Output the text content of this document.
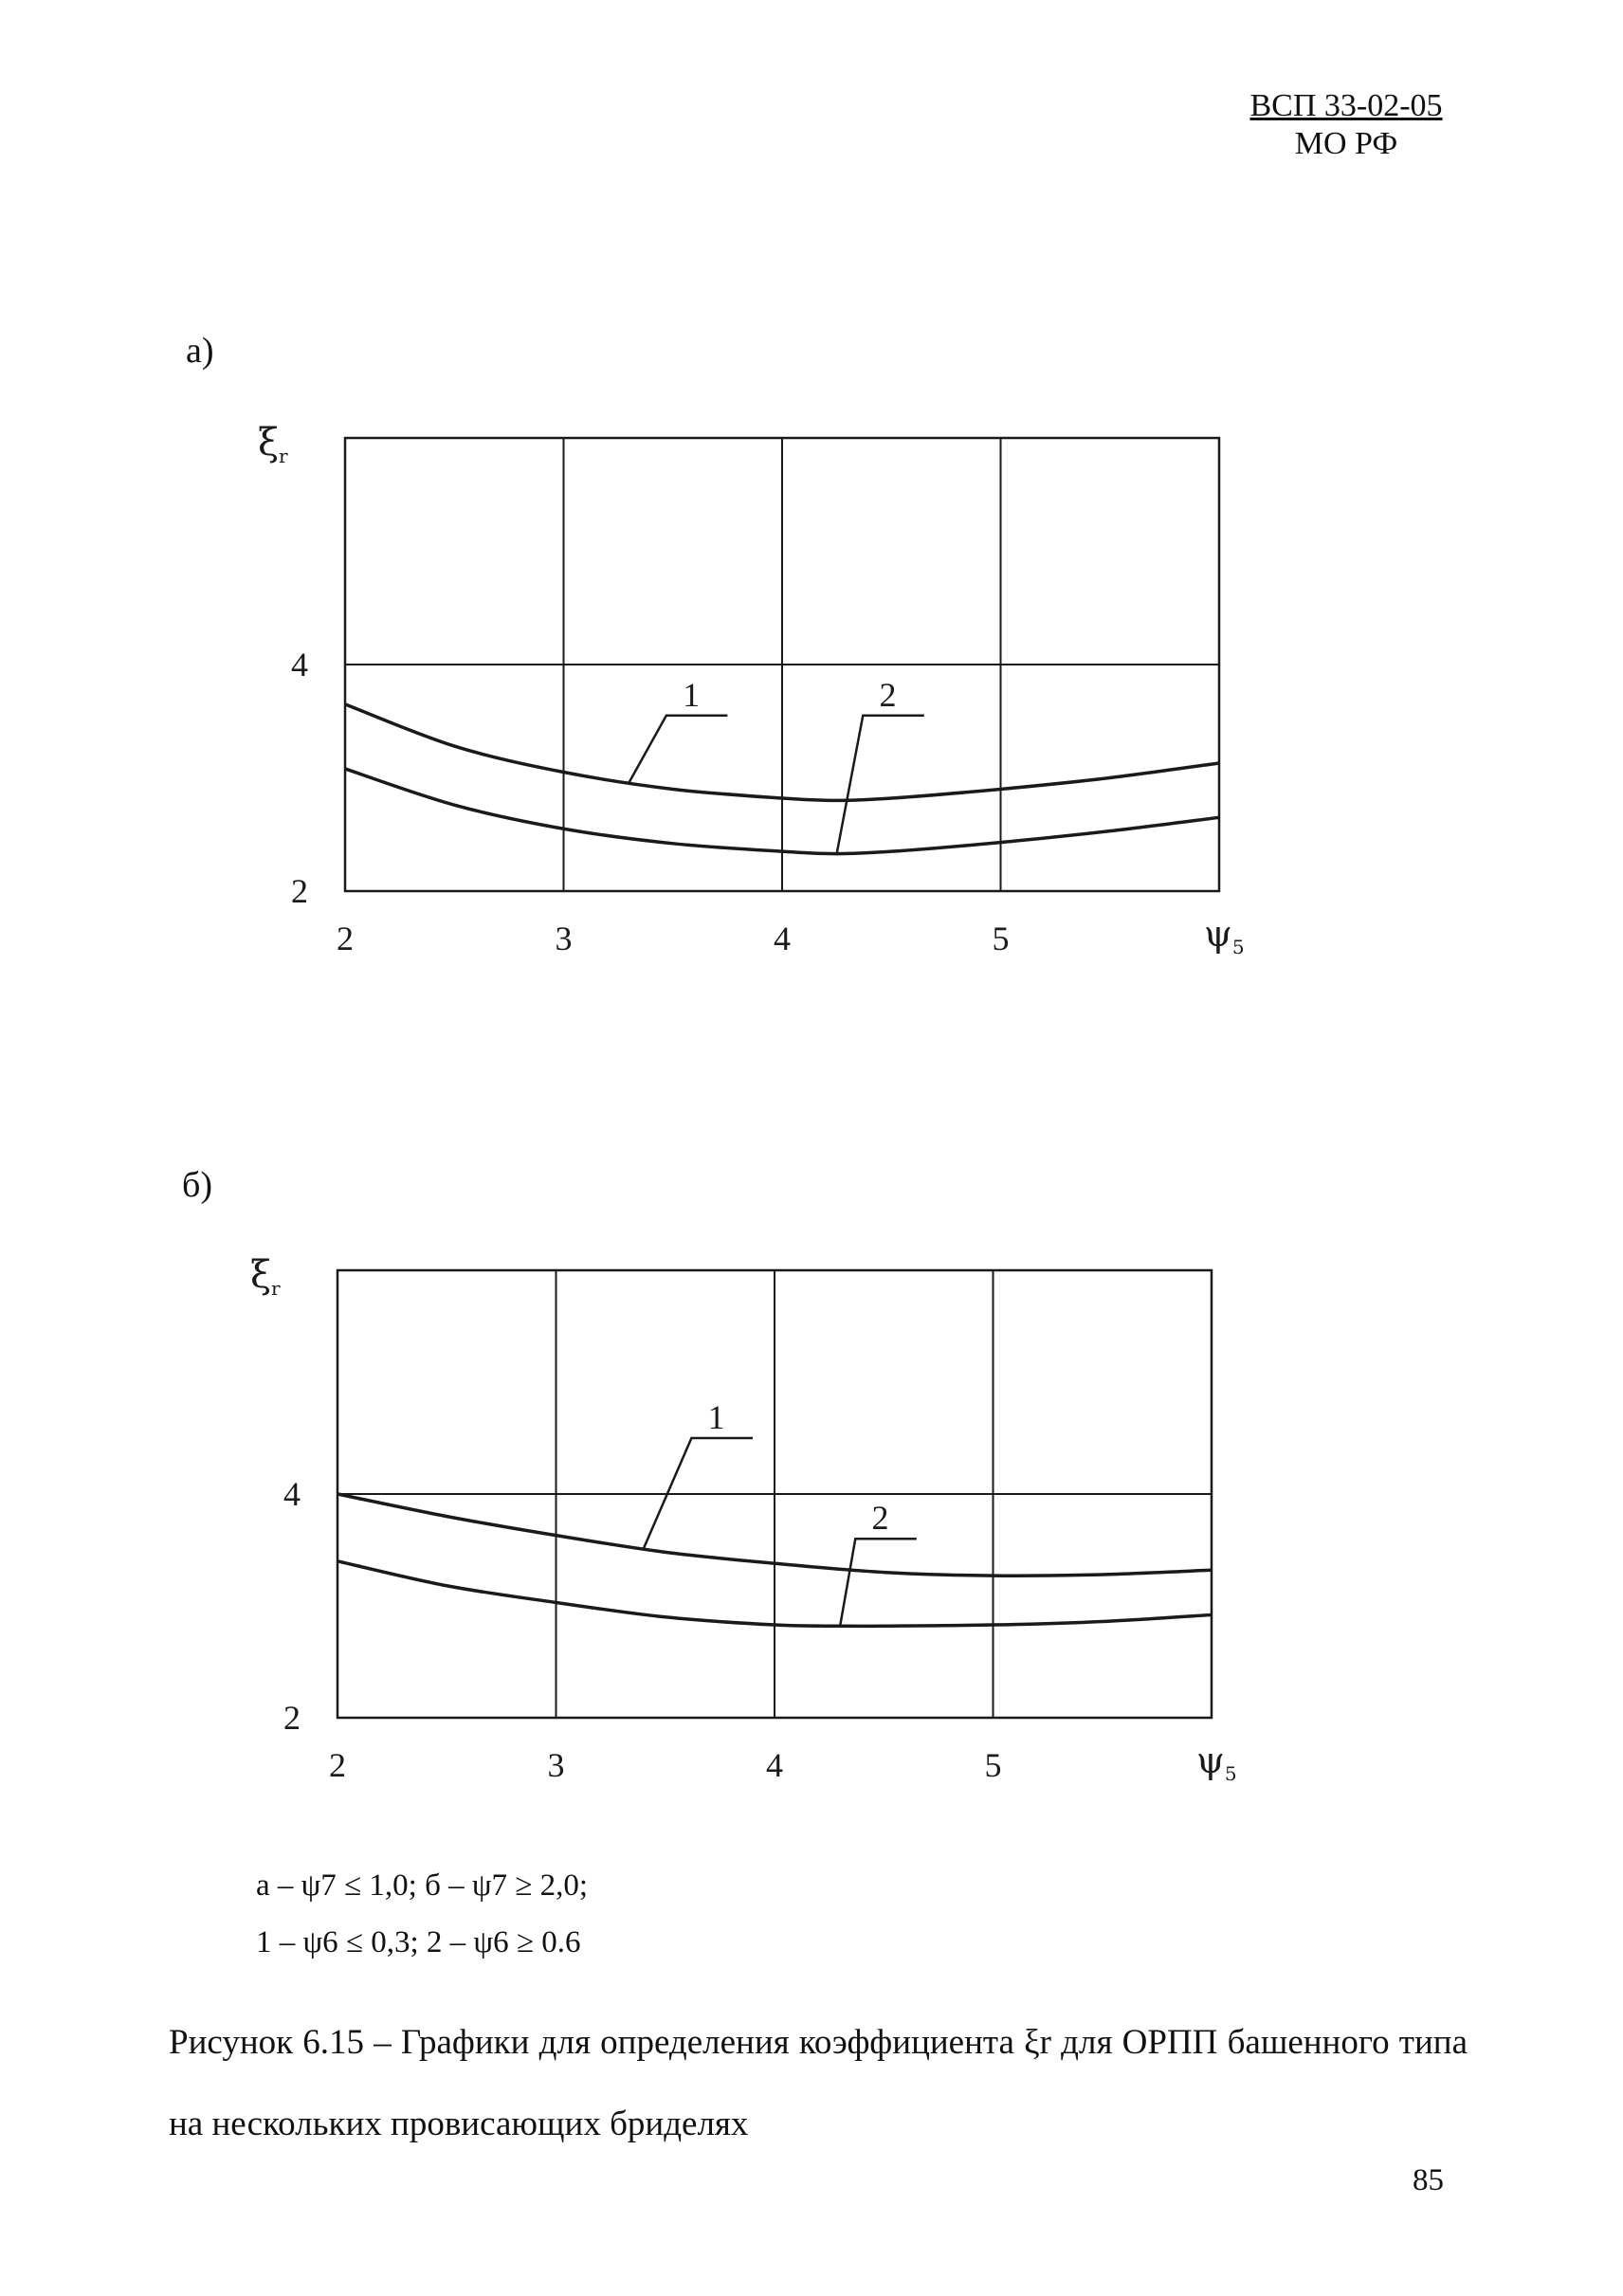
ВСП 33-02-05
МО РФ
а)
б)
2	3	4	5
2
4
$\xi_r$
$\psi_5$
1	2
2	3	4	5
2
4
$\xi_r$
$\psi_5$
1
2
а – ψ7 ≤ 1,0; б – ψ7 ≥ 2,0;
1 – ψ6 ≤ 0,3; 2 – ψ6 ≥ 0.6
Рисунок 6.15 – Графики для определения коэффициента ξr для ОРПП башенного типа на нескольких провисающих бриделях
85
